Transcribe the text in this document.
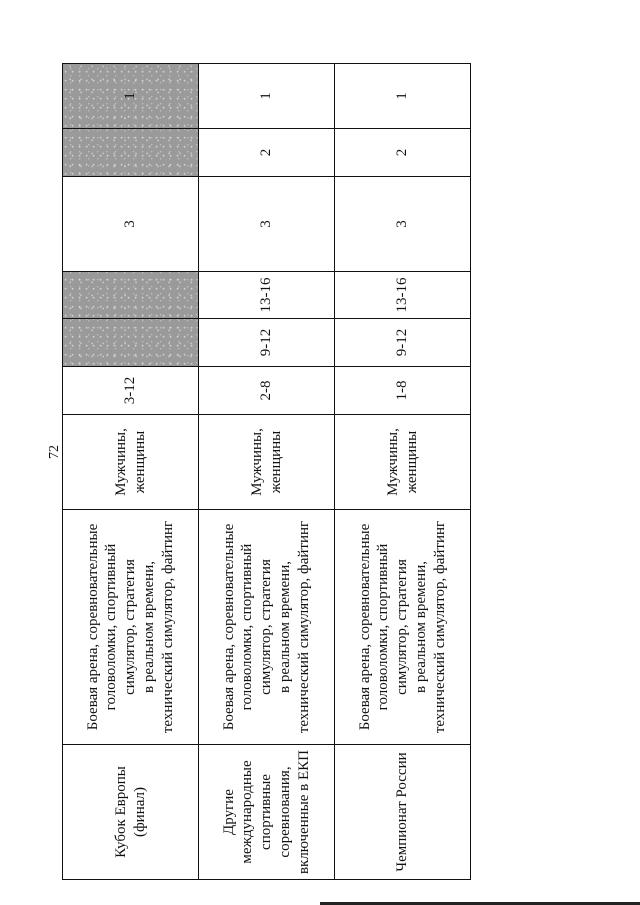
72
Кубок Европы (финал)	Боевая арена, соревновательные головоломки, спортивный симулятор, стратегия в реальном времени, технический симулятор, файтинг	Мужчины, женщины	3-12			3		1
Другие международные спортивные соревнования, включенные в ЕКП	Боевая арена, соревновательные головоломки, спортивный симулятор, стратегия в реальном времени, технический симулятор, файтинг	Мужчины, женщины	2-8	9-12	13-16	3	2	1
Чемпионат России	Боевая арена, соревновательные головоломки, спортивный симулятор, стратегия в реальном времени, технический симулятор, файтинг	Мужчины, женщины	1-8	9-12	13-16	3	2	1
